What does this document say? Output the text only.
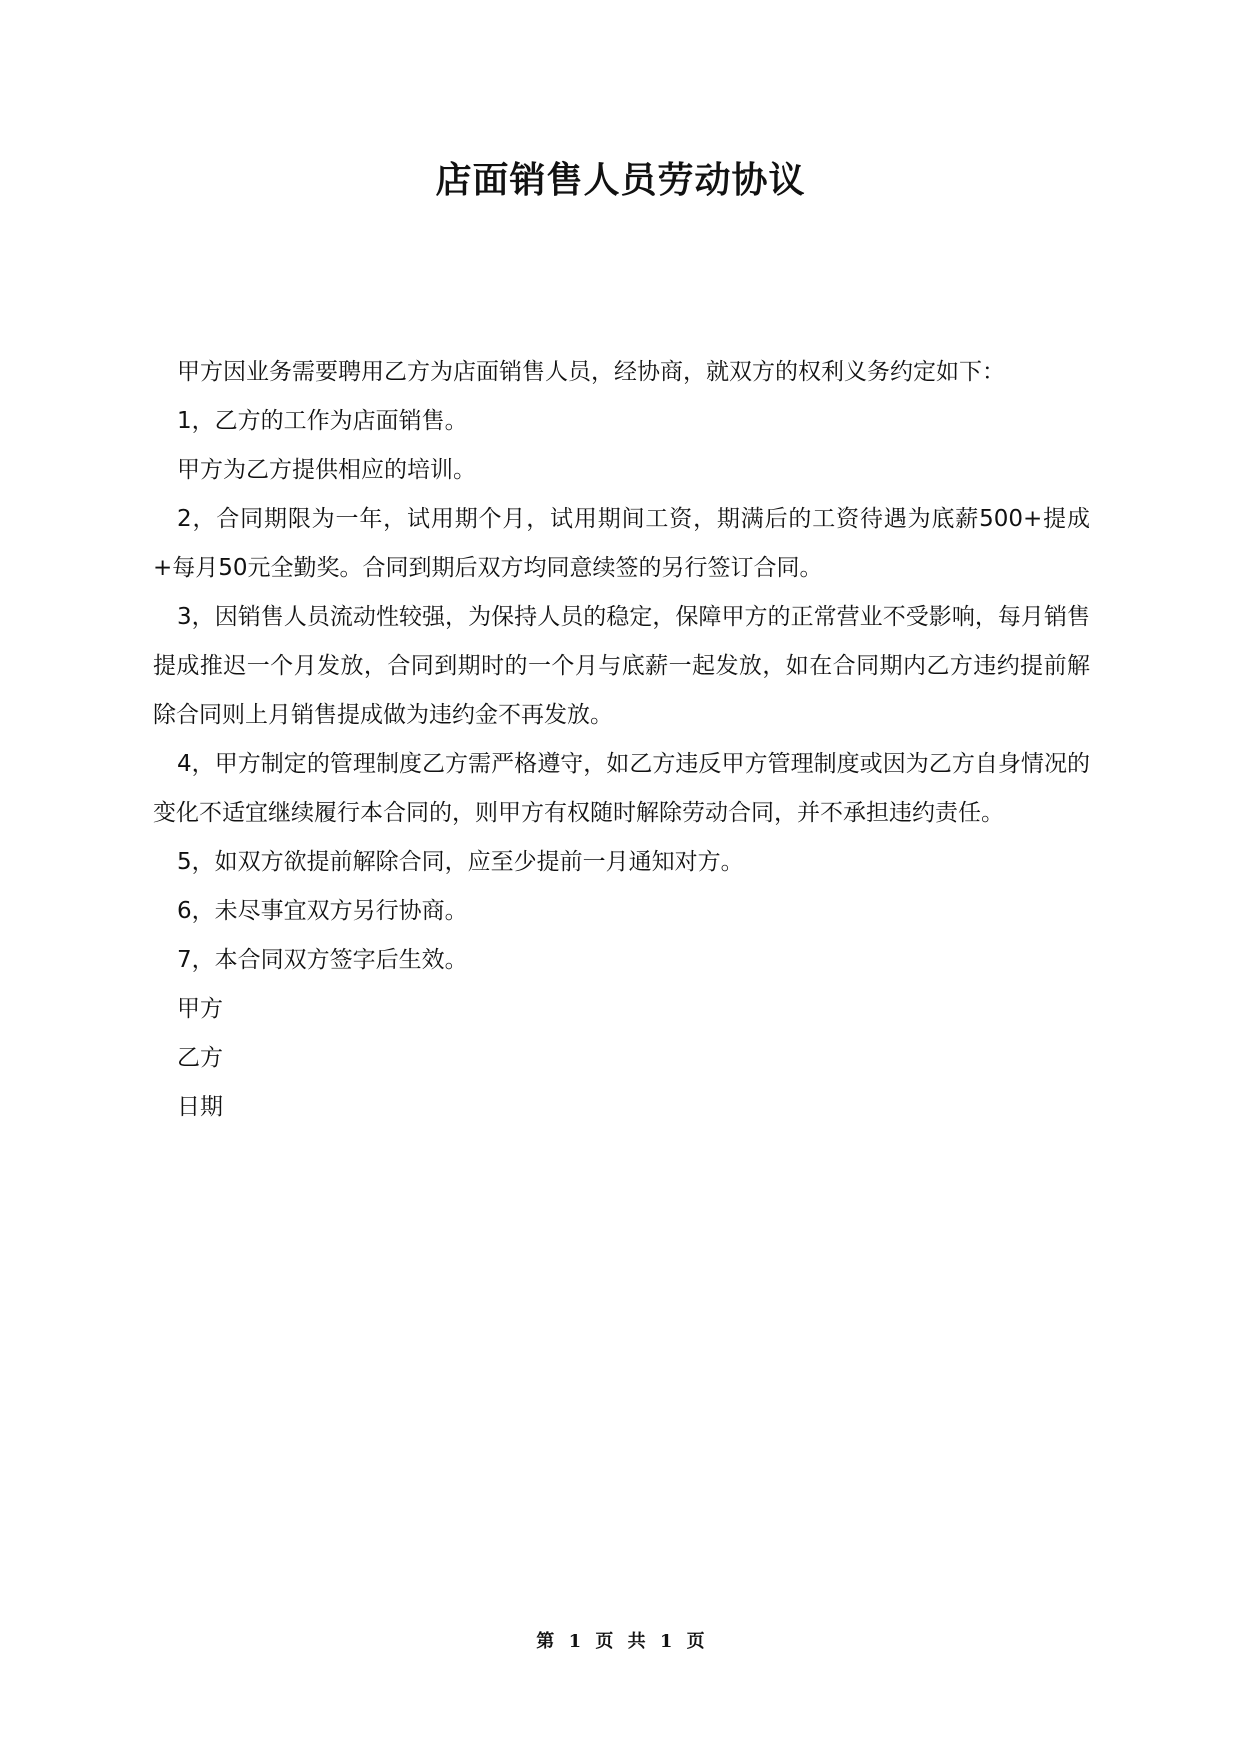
店面销售人员劳动协议

甲方因业务需要聘用乙方为店面销售人员，经协商，就双方的权利义务约定如下：

1，乙方的工作为店面销售。

甲方为乙方提供相应的培训。

2，合同期限为一年，试用期个月，试用期间工资，期满后的工资待遇为底薪500+提成+每月50元全勤奖。合同到期后双方均同意续签的另行签订合同。

3，因销售人员流动性较强，为保持人员的稳定，保障甲方的正常营业不受影响，每月销售提成推迟一个月发放，合同到期时的一个月与底薪一起发放，如在合同期内乙方违约提前解除合同则上月销售提成做为违约金不再发放。

4，甲方制定的管理制度乙方需严格遵守，如乙方违反甲方管理制度或因为乙方自身情况的变化不适宜继续履行本合同的，则甲方有权随时解除劳动合同，并不承担违约责任。

5，如双方欲提前解除合同，应至少提前一月通知对方。

6，未尽事宜双方另行协商。

7，本合同双方签字后生效。

甲方

乙方

日期

第 1 页 共 1 页
